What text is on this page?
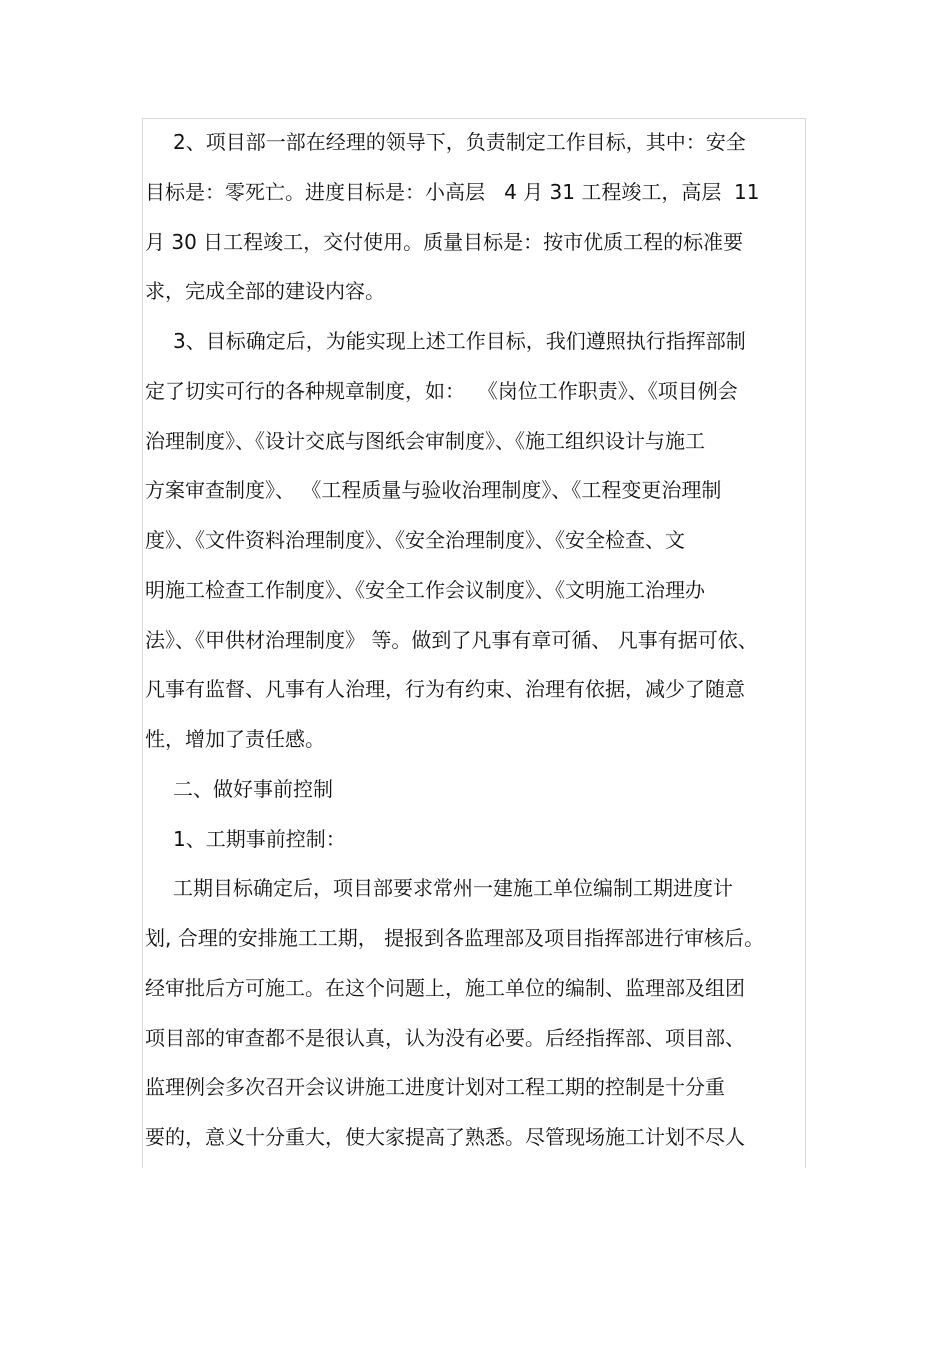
2、项目部一部在经理的领导下，负责制定工作目标，其中：安全
目标是：零死亡。进度目标是：小高层   4 月 31 工程竣工，高层  11
月 30 日工程竣工，交付使用。质量目标是：按市优质工程的标准要
求，完成全部的建设内容。
3、目标确定后，为能实现上述工作目标，我们遵照执行指挥部制
定了切实可行的各种规章制度，如：  《岗位工作职责》、《项目例会
治理制度》、《设计交底与图纸会审制度》、《施工组织设计与施工
方案审查制度》、 《工程质量与验收治理制度》、《工程变更治理制
度》、《文件资料治理制度》、《安全治理制度》、《安全检查、文
明施工检查工作制度》、《安全工作会议制度》、《文明施工治理办
法》、《甲供材治理制度》 等。做到了凡事有章可循、 凡事有据可依、
凡事有监督、凡事有人治理，行为有约束、治理有依据，减少了随意
性，增加了责任感。
二、做好事前控制
1、工期事前控制：
工期目标确定后，项目部要求常州一建施工单位编制工期进度计
划, 合理的安排施工工期， 提报到各监理部及项目指挥部进行审核后。
经审批后方可施工。在这个问题上，施工单位的编制、监理部及组团
项目部的审查都不是很认真，认为没有必要。后经指挥部、项目部、
监理例会多次召开会议讲施工进度计划对工程工期的控制是十分重
要的，意义十分重大，使大家提高了熟悉。尽管现场施工计划不尽人
